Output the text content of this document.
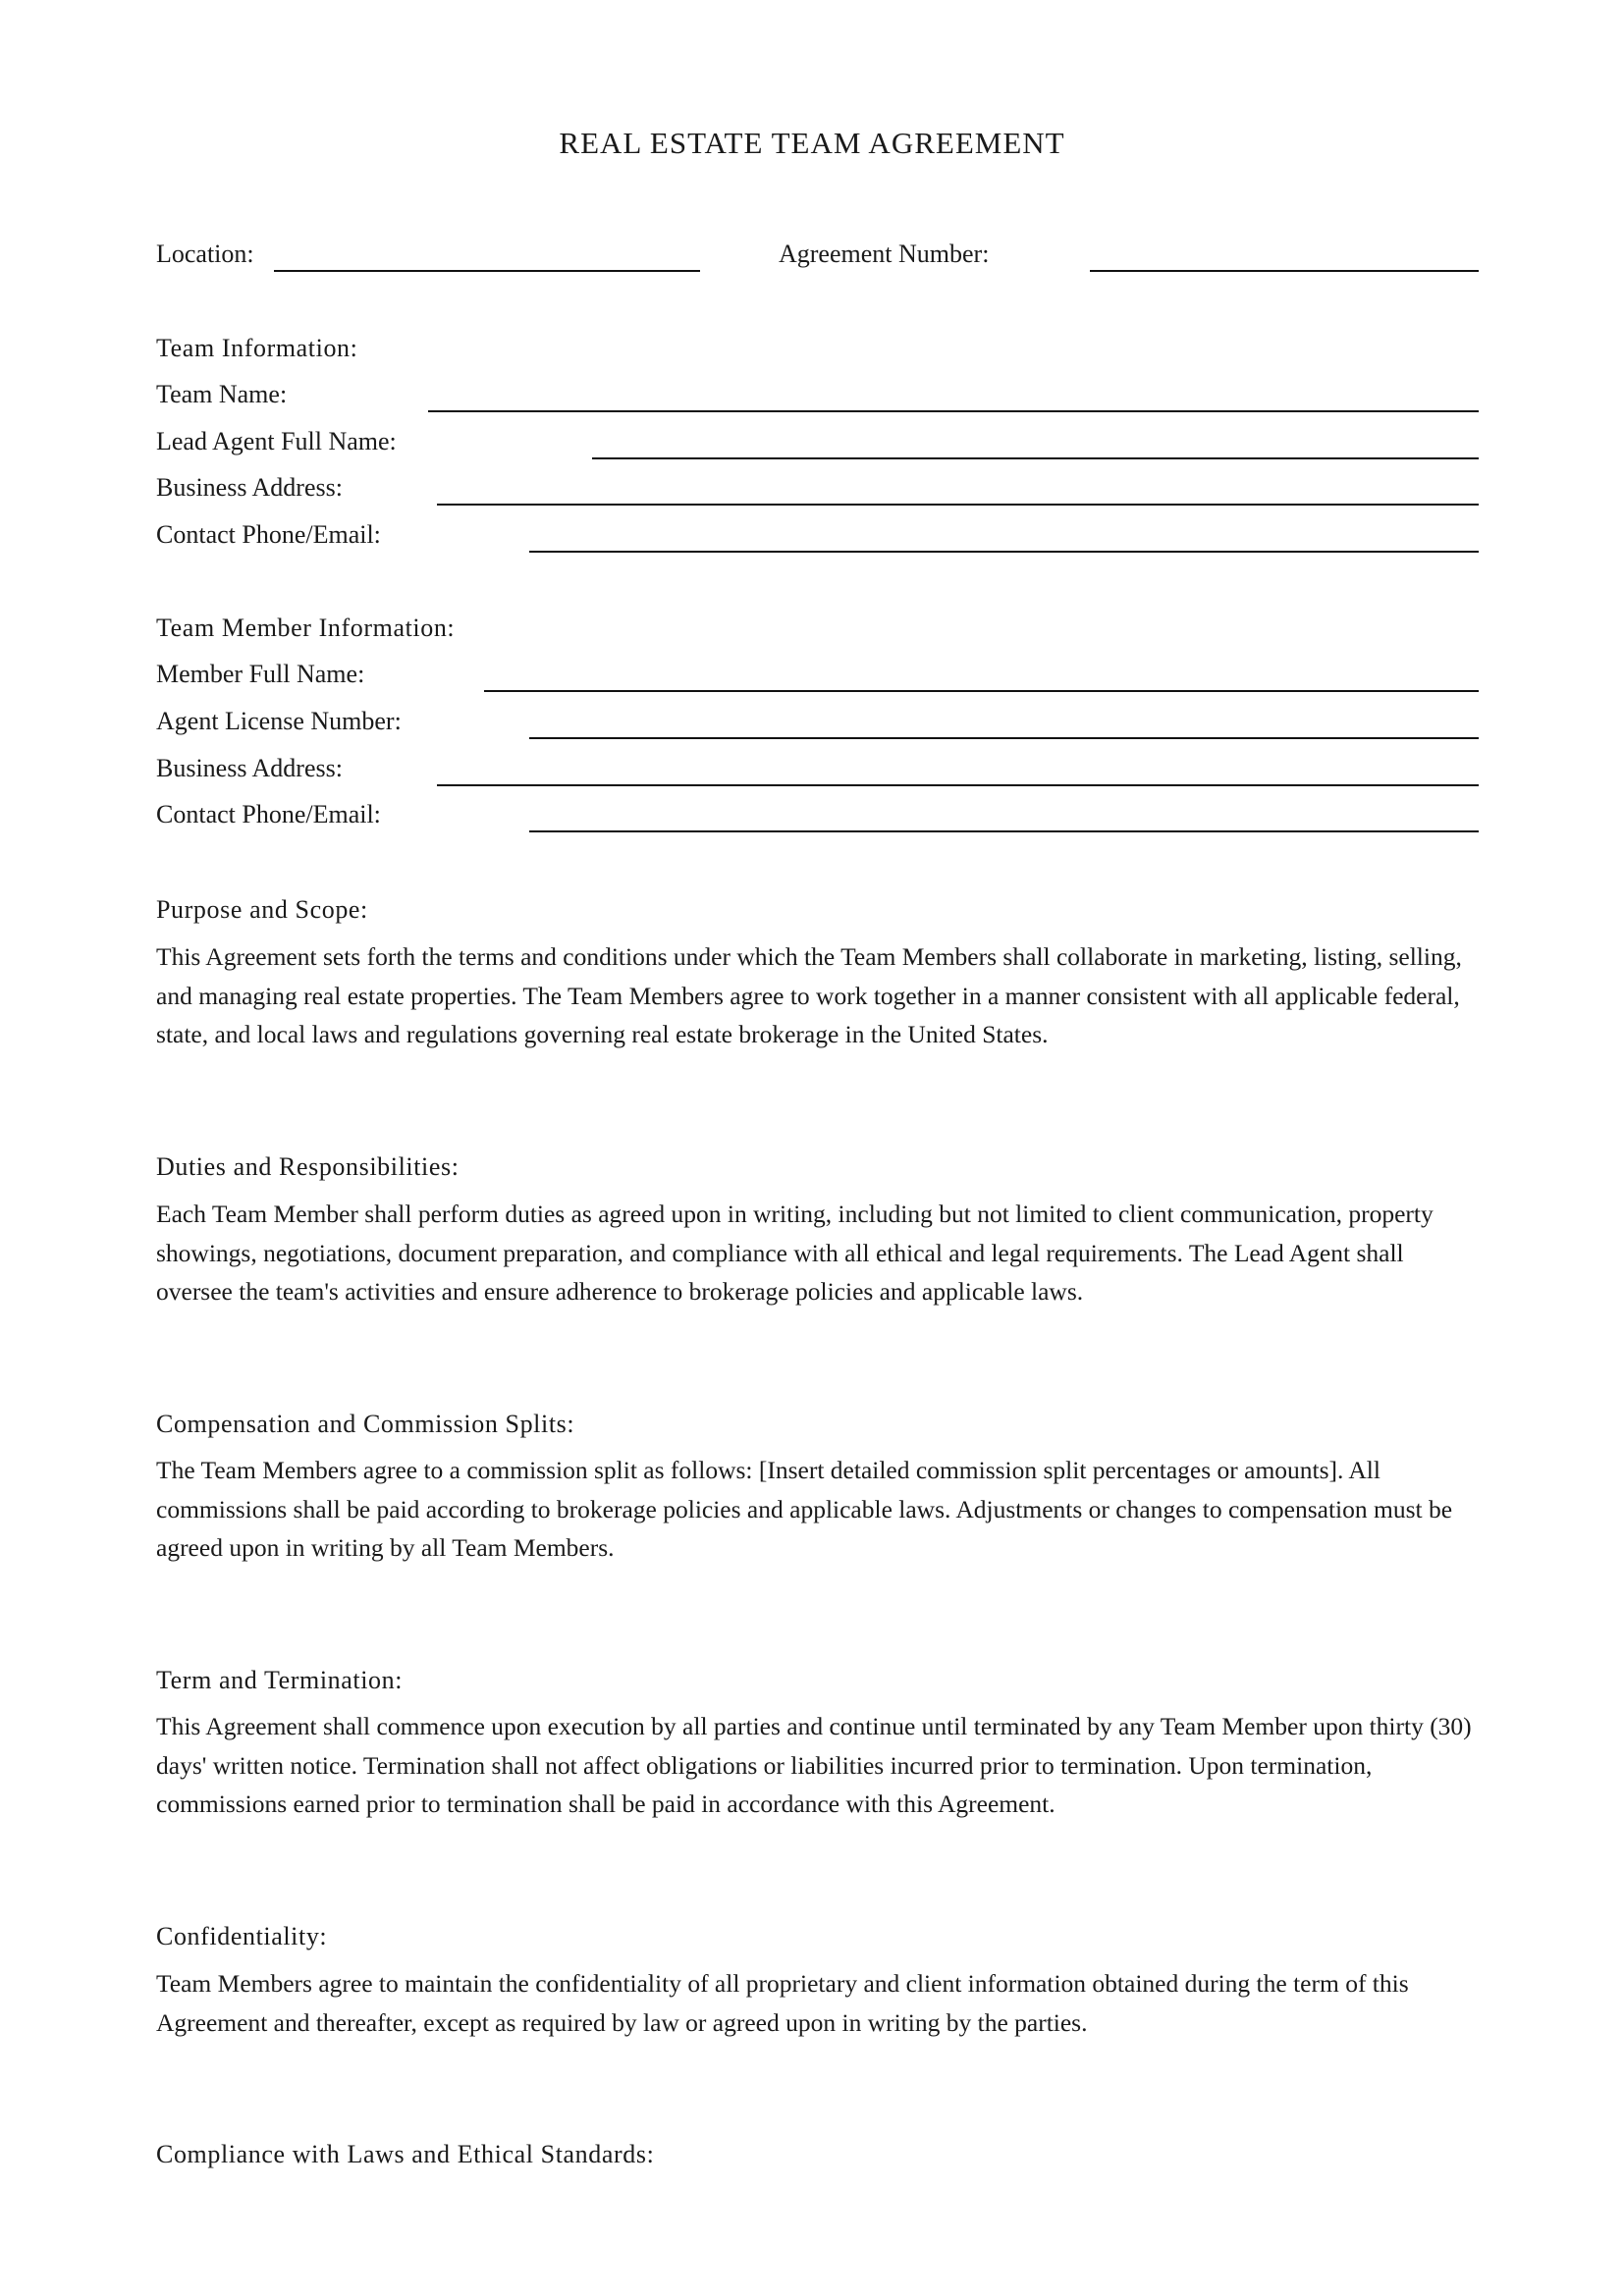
REAL ESTATE TEAM AGREEMENT
Location:	Agreement Number:
Team Information:
Team Name:
Lead Agent Full Name:
Business Address:
Contact Phone/Email:
Team Member Information:
Member Full Name:
Agent License Number:
Business Address:
Contact Phone/Email:
Purpose and Scope:
This Agreement sets forth the terms and conditions under which the Team Members shall collaborate in marketing, listing, selling, and managing real estate properties. The Team Members agree to work together in a manner consistent with all applicable federal, state, and local laws and regulations governing real estate brokerage in the United States.
Duties and Responsibilities:
Each Team Member shall perform duties as agreed upon in writing, including but not limited to client communication, property showings, negotiations, document preparation, and compliance with all ethical and legal requirements. The Lead Agent shall oversee the team's activities and ensure adherence to brokerage policies and applicable laws.
Compensation and Commission Splits:
The Team Members agree to a commission split as follows: [Insert detailed commission split percentages or amounts]. All commissions shall be paid according to brokerage policies and applicable laws. Adjustments or changes to compensation must be agreed upon in writing by all Team Members.
Term and Termination:
This Agreement shall commence upon execution by all parties and continue until terminated by any Team Member upon thirty (30) days' written notice. Termination shall not affect obligations or liabilities incurred prior to termination. Upon termination, commissions earned prior to termination shall be paid in accordance with this Agreement.
Confidentiality:
Team Members agree to maintain the confidentiality of all proprietary and client information obtained during the term of this Agreement and thereafter, except as required by law or agreed upon in writing by the parties.
Compliance with Laws and Ethical Standards:
